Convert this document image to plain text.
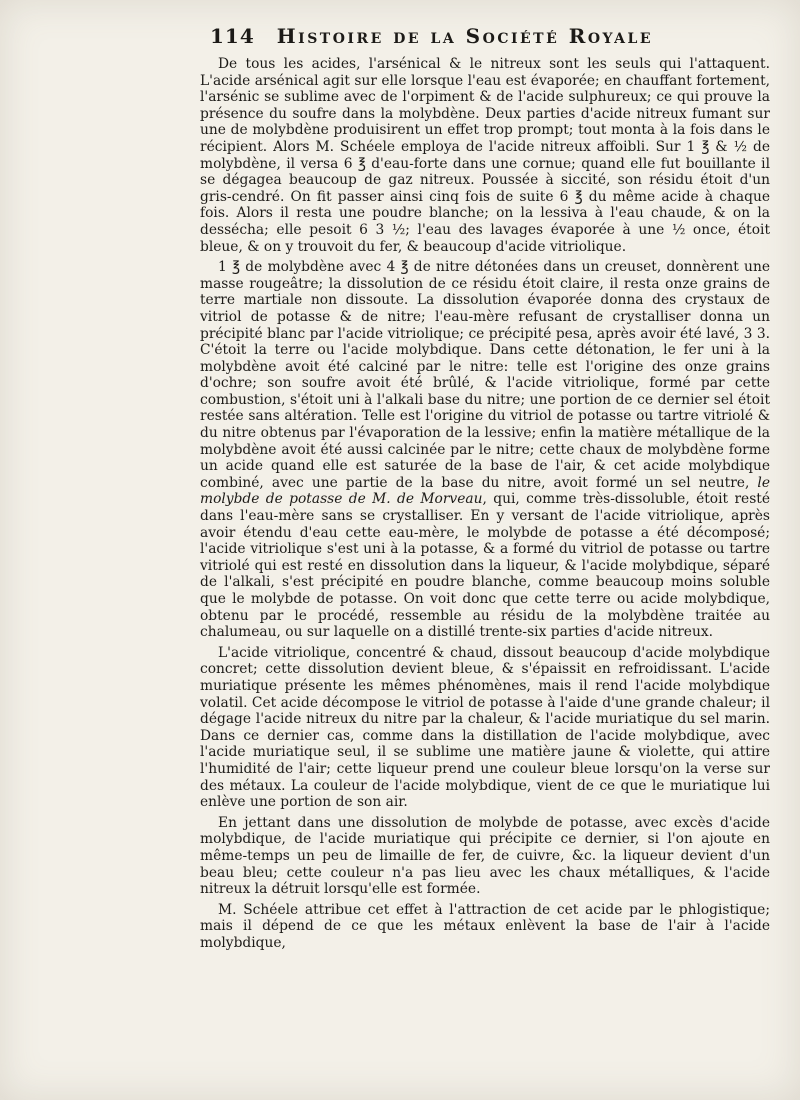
114 Histoire de la Société Royale

De tous les acides, l'arsénical & le nitreux sont les seuls qui l'attaquent. L'acide arsénical agit sur elle lorsque l'eau est évaporée; en chauffant fortement, l'arsénic se sublime avec de l'orpiment & de l'acide sulphureux; ce qui prouve la présence du soufre dans la molybdène. Deux parties d'acide nitreux fumant sur une de molybdène produisirent un effet trop prompt; tout monta à la fois dans le récipient. Alors M. Schéele employa de l'acide nitreux affoibli. Sur 1 ℥ & ½ de molybdène, il versa 6 ℥ d'eau-forte dans une cornue; quand elle fut bouillante il se dégagea beaucoup de gaz nitreux. Poussée à siccité, son résidu étoit d'un gris-cendré. On fit passer ainsi cinq fois de suite 6 ℥ du même acide à chaque fois. Alors il resta une poudre blanche; on la lessiva à l'eau chaude, & on la dessécha; elle pesoit 6 3 ½; l'eau des lavages évaporée à une ½ once, étoit bleue, & on y trouvoit du fer, & beaucoup d'acide vitriolique.

1 ℥ de molybdène avec 4 ℥ de nitre détonées dans un creuset, donnèrent une masse rougeâtre; la dissolution de ce résidu étoit claire, il resta onze grains de terre martiale non dissoute. La dissolution évaporée donna des crystaux de vitriol de potasse & de nitre; l'eau-mère refusant de crystalliser donna un précipité blanc par l'acide vitriolique; ce précipité pesa, après avoir été lavé, 3 3. C'étoit la terre ou l'acide molybdique. Dans cette détonation, le fer uni à la molybdène avoit été calciné par le nitre: telle est l'origine des onze grains d'ochre; son soufre avoit été brûlé, & l'acide vitriolique, formé par cette combustion, s'étoit uni à l'alkali base du nitre; une portion de ce dernier sel étoit restée sans altération. Telle est l'origine du vitriol de potasse ou tartre vitriolé & du nitre obtenus par l'évaporation de la lessive; enfin la matière métallique de la molybdène avoit été aussi calcinée par le nitre; cette chaux de molybdène forme un acide quand elle est saturée de la base de l'air, & cet acide molybdique combiné, avec une partie de la base du nitre, avoit formé un sel neutre, le molybde de potasse de M. de Morveau, qui, comme très-dissoluble, étoit resté dans l'eau-mère sans se crystalliser. En y versant de l'acide vitriolique, après avoir étendu d'eau cette eau-mère, le molybde de potasse a été décomposé; l'acide vitriolique s'est uni à la potasse, & a formé du vitriol de potasse ou tartre vitriolé qui est resté en dissolution dans la liqueur, & l'acide molybdique, séparé de l'alkali, s'est précipité en poudre blanche, comme beaucoup moins soluble que le molybde de potasse. On voit donc que cette terre ou acide molybdique, obtenu par le procédé, ressemble au résidu de la molybdène traitée au chalumeau, ou sur laquelle on a distillé trente-six parties d'acide nitreux.

L'acide vitriolique, concentré & chaud, dissout beaucoup d'acide molybdique concret; cette dissolution devient bleue, & s'épaissit en refroidissant. L'acide muriatique présente les mêmes phénomènes, mais il rend l'acide molybdique volatil. Cet acide décompose le vitriol de potasse à l'aide d'une grande chaleur; il dégage l'acide nitreux du nitre par la chaleur, & l'acide muriatique du sel marin. Dans ce dernier cas, comme dans la distillation de l'acide molybdique, avec l'acide muriatique seul, il se sublime une matière jaune & violette, qui attire l'humidité de l'air; cette liqueur prend une couleur bleue lorsqu'on la verse sur des métaux. La couleur de l'acide molybdique, vient de ce que le muriatique lui enlève une portion de son air.

En jettant dans une dissolution de molybde de potasse, avec excès d'acide molybdique, de l'acide muriatique qui précipite ce dernier, si l'on ajoute en même-temps un peu de limaille de fer, de cuivre, &c. la liqueur devient d'un beau bleu; cette couleur n'a pas lieu avec les chaux métalliques, & l'acide nitreux la détruit lorsqu'elle est formée.

M. Schéele attribue cet effet à l'attraction de cet acide par le phlogistique; mais il dépend de ce que les métaux enlèvent la base de l'air à l'acide molybdique,
